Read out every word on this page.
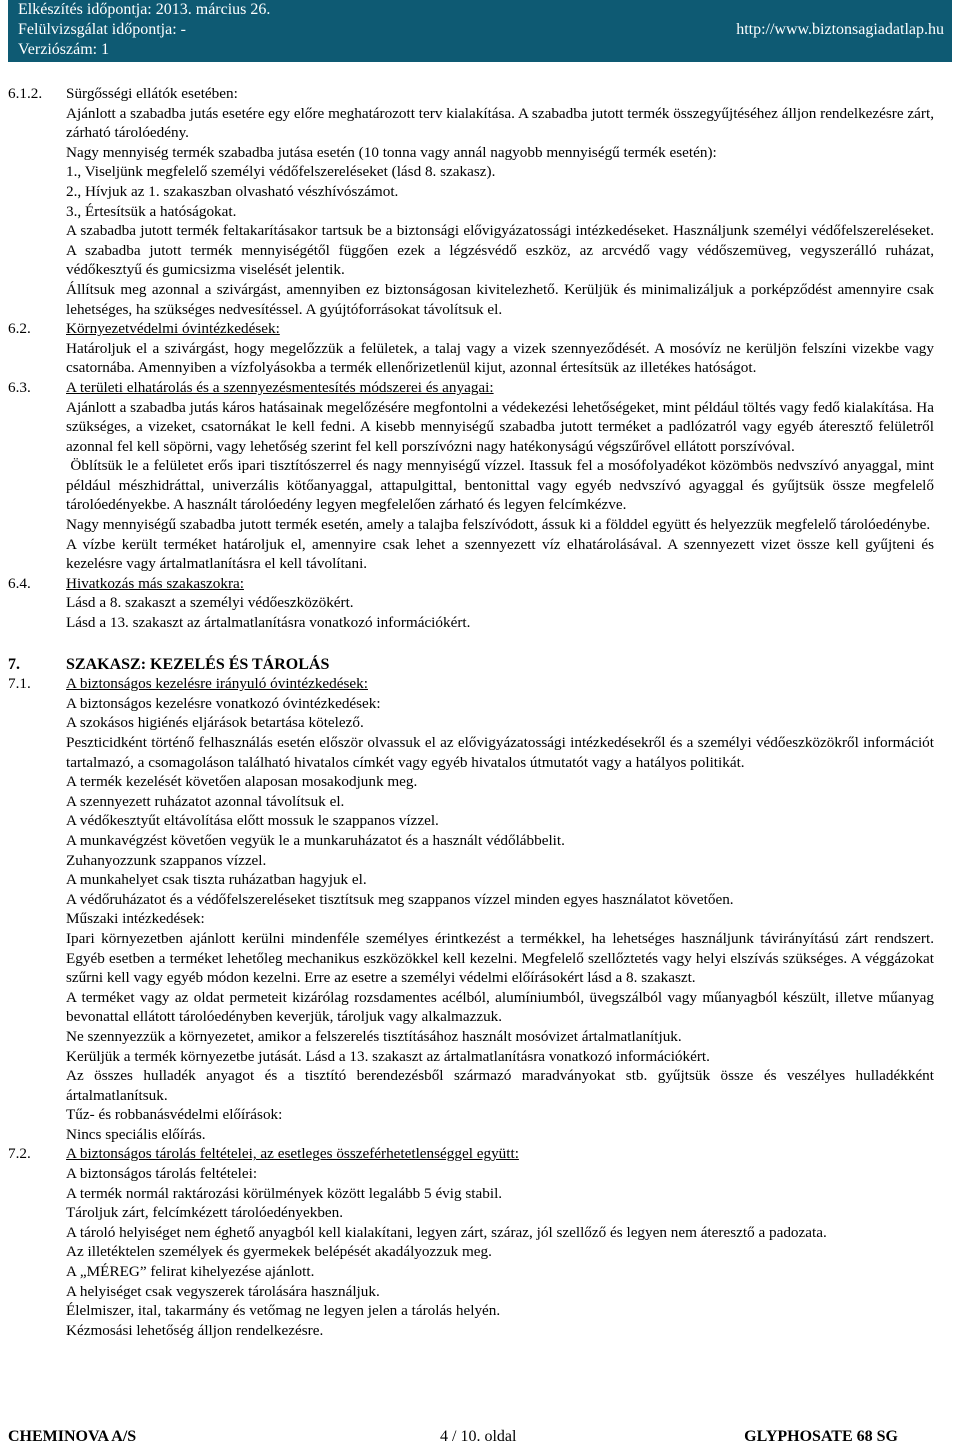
Elkészítés időpontja: 2013. március 26.
Felülvizsgálat időpontja: -
Verziószám: 1
http://www.biztonsagiadatlap.hu
6.1.2. Sürgősségi ellátók esetében:
Ajánlott a szabadba jutás esetére egy előre meghatározott terv kialakítása. A szabadba jutott termék összegyűjtéséhez álljon rendelkezésre zárt, zárható tárolóedény.
Nagy mennyiség termék szabadba jutása esetén (10 tonna vagy annál nagyobb mennyiségű termék esetén):
1., Viseljünk megfelelő személyi védőfelszereléseket (lásd 8. szakasz).
2., Hívjuk az 1. szakaszban olvasható vészhívószámot.
3., Értesítsük a hatóságokat.
A szabadba jutott termék feltakarításakor tartsuk be a biztonsági elővigyázatossági intézkedéseket. Használjunk személyi védőfelszereléseket. A szabadba jutott termék mennyiségétől függően ezek a légzésvédő eszköz, az arcvédő vagy védőszemüveg, vegyszerálló ruházat, védőkesztyű és gumicsizma viselését jelentik.
Állítsuk meg azonnal a szivárgást, amennyiben ez biztonságosan kivitelezhető. Kerüljük és minimalizáljuk a porképződést amennyire csak lehetséges, ha szükséges nedvesítéssel. A gyújtóforrásokat távolítsuk el.
6.2. Környezetvédelmi óvintézkedések:
Határoljuk el a szivárgást, hogy megelőzzük a felületek, a talaj vagy a vizek szennyeződését. A mosóvíz ne kerüljön felszíni vizekbe vagy csatornába. Amennyiben a vízfolyásokba a termék ellenőrizetlenül kijut, azonnal értesítsük az illetékes hatóságot.
6.3. A területi elhatárolás és a szennyezésmentesítés módszerei és anyagai:
Ajánlott a szabadba jutás káros hatásainak megelőzésére megfontolni a védekezési lehetőségeket, mint például töltés vagy fedő kialakítása. Ha szükséges, a vizeket, csatornákat le kell fedni. A kisebb mennyiségű szabadba jutott terméket a padlózatról vagy egyéb áteresztő felületről azonnal fel kell söpörni, vagy lehetőség szerint fel kell porszívózni nagy hatékonyságú végszűrővel ellátott porszívóval.
Öblítsük le a felületet erős ipari tisztítószerrel és nagy mennyiségű vízzel. Itassuk fel a mosófolyadékot közömbös nedvszívó anyaggal, mint például mészhidráttal, univerzális kötőanyaggal, attapulgittal, bentonittal vagy egyéb nedvszívó agyaggal és gyűjtsük össze megfelelő tárolóedényekbe. A használt tárolóedény legyen megfelelően zárható és legyen felcímkézve.
Nagy mennyiségű szabadba jutott termék esetén, amely a talajba felszívódott, ássuk ki a földdel együtt és helyezzük megfelelő tárolóedénybe.
A vízbe került terméket határoljuk el, amennyire csak lehet a szennyezett víz elhatárolásával. A szennyezett vizet össze kell gyűjteni és kezelésre vagy ártalmatlanításra el kell távolítani.
6.4. Hivatkozás más szakaszokra:
Lásd a 8. szakaszt a személyi védőeszközökért.
Lásd a 13. szakaszt az ártalmatlanításra vonatkozó információkért.
7.	SZAKASZ: KEZELÉS ÉS TÁROLÁS
7.1. A biztonságos kezelésre irányuló óvintézkedések:
A biztonságos kezelésre vonatkozó óvintézkedések:
A szokásos higiénés eljárások betartása kötelező.
Peszticidként történő felhasználás esetén először olvassuk el az elővigyázatossági intézkedésekről és a személyi védőeszközökről információt tartalmazó, a csomagoláson található hivatalos címkét vagy egyéb hivatalos útmutatót vagy a hatályos politikát.
A termék kezelését követően alaposan mosakodjunk meg.
A szennyezett ruházatot azonnal távolítsuk el.
A védőkesztyűt eltávolítása előtt mossuk le szappanos vízzel.
A munkavégzést követően vegyük le a munkaruházatot és a használt védőlábbelit.
Zuhanyozzunk szappanos vízzel.
A munkahelyet csak tiszta ruházatban hagyjuk el.
A védőruházatot és a védőfelszereléseket tisztítsuk meg szappanos vízzel minden egyes használatot követően.
Műszaki intézkedések:
Ipari környezetben ajánlott kerülni mindenféle személyes érintkezést a termékkel, ha lehetséges használjunk távirányítású zárt rendszert. Egyéb esetben a terméket lehetőleg mechanikus eszközökkel kell kezelni. Megfelelő szellőztetés vagy helyi elszívás szükséges. A véggázokat szűrni kell vagy egyéb módon kezelni. Erre az esetre a személyi védelmi előírásokért lásd a 8. szakaszt.
A terméket vagy az oldat permeteit kizárólag rozsdamentes acélból, alumíniumból, üvegszálból vagy műanyagból készült, illetve műanyag bevonattal ellátott tárolóedényben keverjük, tároljuk vagy alkalmazzuk.
Ne szennyezzük a környezetet, amikor a felszerelés tisztításához használt mosóvizet ártalmatlanítjuk.
Kerüljük a termék környezetbe jutását. Lásd a 13. szakaszt az ártalmatlanításra vonatkozó információkért.
Az összes hulladék anyagot és a tisztító berendezésből származó maradványokat stb. gyűjtsük össze és veszélyes hulladékként ártalmatlanítsuk.
Tűz- és robbanásvédelmi előírások:
Nincs speciális előírás.
7.2. A biztonságos tárolás feltételei, az esetleges összeférhetetlenséggel együtt:
A biztonságos tárolás feltételei:
A termék normál raktározási körülmények között legalább 5 évig stabil.
Tároljuk zárt, felcímkézett tárolóedényekben.
A tároló helyiséget nem éghető anyagból kell kialakítani, legyen zárt, száraz, jól szellőző és legyen nem áteresztő a padozata.
Az illetéktelen személyek és gyermekek belépését akadályozzuk meg.
A „MÉREG” felirat kihelyezése ajánlott.
A helyiséget csak vegyszerek tárolására használjuk.
Élelmiszer, ital, takarmány és vetőmag ne legyen jelen a tárolás helyén.
Kézmosási lehetőség álljon rendelkezésre.
CHEMINOVA A/S	4 / 10. oldal	GLYPHOSATE 68 SG
